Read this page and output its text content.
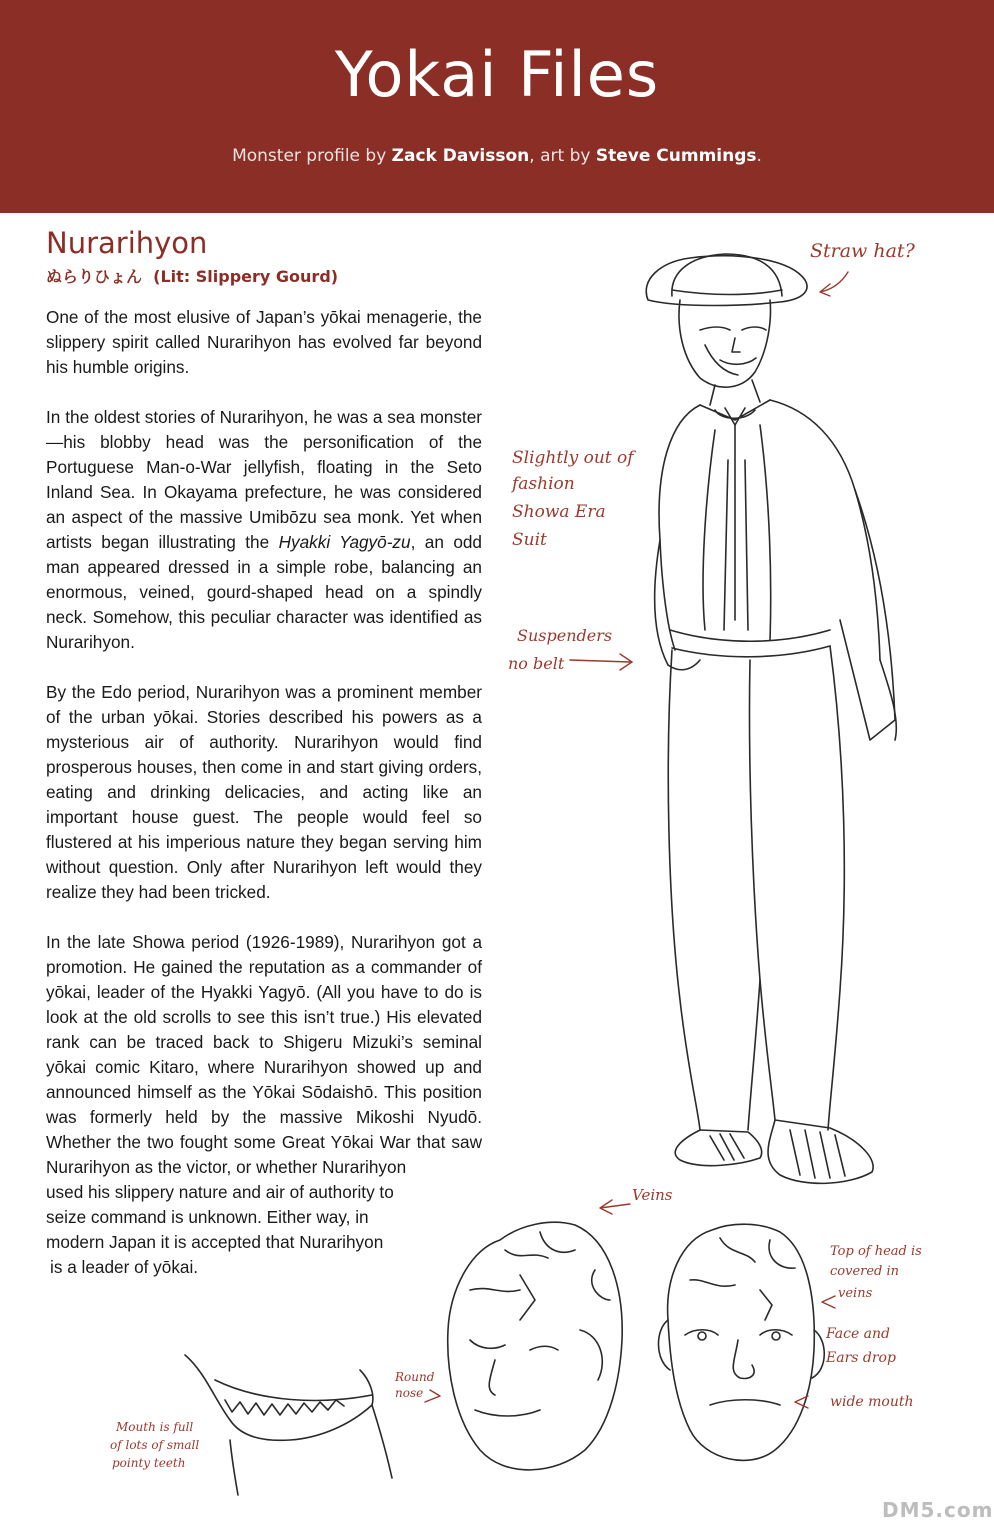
Yokai Files
Monster profile by Zack Davisson, art by Steve Cummings.
Nurarihyon
ぬらりひょん (Lit: Slippery Gourd)

One of the most elusive of Japan’s yōkai menagerie, the slippery spirit called Nurarihyon has evolved far beyond his humble origins.

In the oldest stories of Nurarihyon, he was a sea monster—his blobby head was the personification of the Portuguese Man-o-War jellyfish, floating in the Seto Inland Sea. In Okayama prefecture, he was considered an aspect of the massive Umibōzu sea monk. Yet when artists began illustrating the Hyakki Yagyō-zu, an odd man appeared dressed in a simple robe, balancing an enormous, veined, gourd-shaped head on a spindly neck. Somehow, this peculiar character was identified as Nurarihyon.

By the Edo period, Nurarihyon was a prominent member of the urban yōkai. Stories described his powers as a mysterious air of authority. Nurarihyon would find prosperous houses, then come in and start giving orders, eating and drinking delicacies, and acting like an important house guest. The people would feel so flustered at his imperious nature they began serving him without question. Only after Nurarihyon left would they realize they had been tricked.

In the late Showa period (1926-1989), Nurarihyon got a promotion. He gained the reputation as a commander of yōkai, leader of the Hyakki Yagyō. (All you have to do is look at the old scrolls to see this isn’t true.) His elevated rank can be traced back to Shigeru Mizuki’s seminal yōkai comic Kitaro, where Nurarihyon showed up and announced himself as the Yōkai Sōdaishō. This position was formerly held by the massive Mikoshi Nyudō. Whether the two fought some Great Yōkai War that saw Nurarihyon as the victor, or whether Nurarihyon
used his slippery nature and air of authority to
seize command is unknown. Either way, in
modern Japan it is accepted that Nurarihyon
is a leader of yōkai.

Straw hat?
Slightly out of
fashion
Showa Era
Suit
Suspenders
no belt
Veins
Top of head is
covered in
veins
Face and
Ears drop
wide mouth
Round
nose
Mouth is full
of lots of small
pointy teeth
DM5.com
